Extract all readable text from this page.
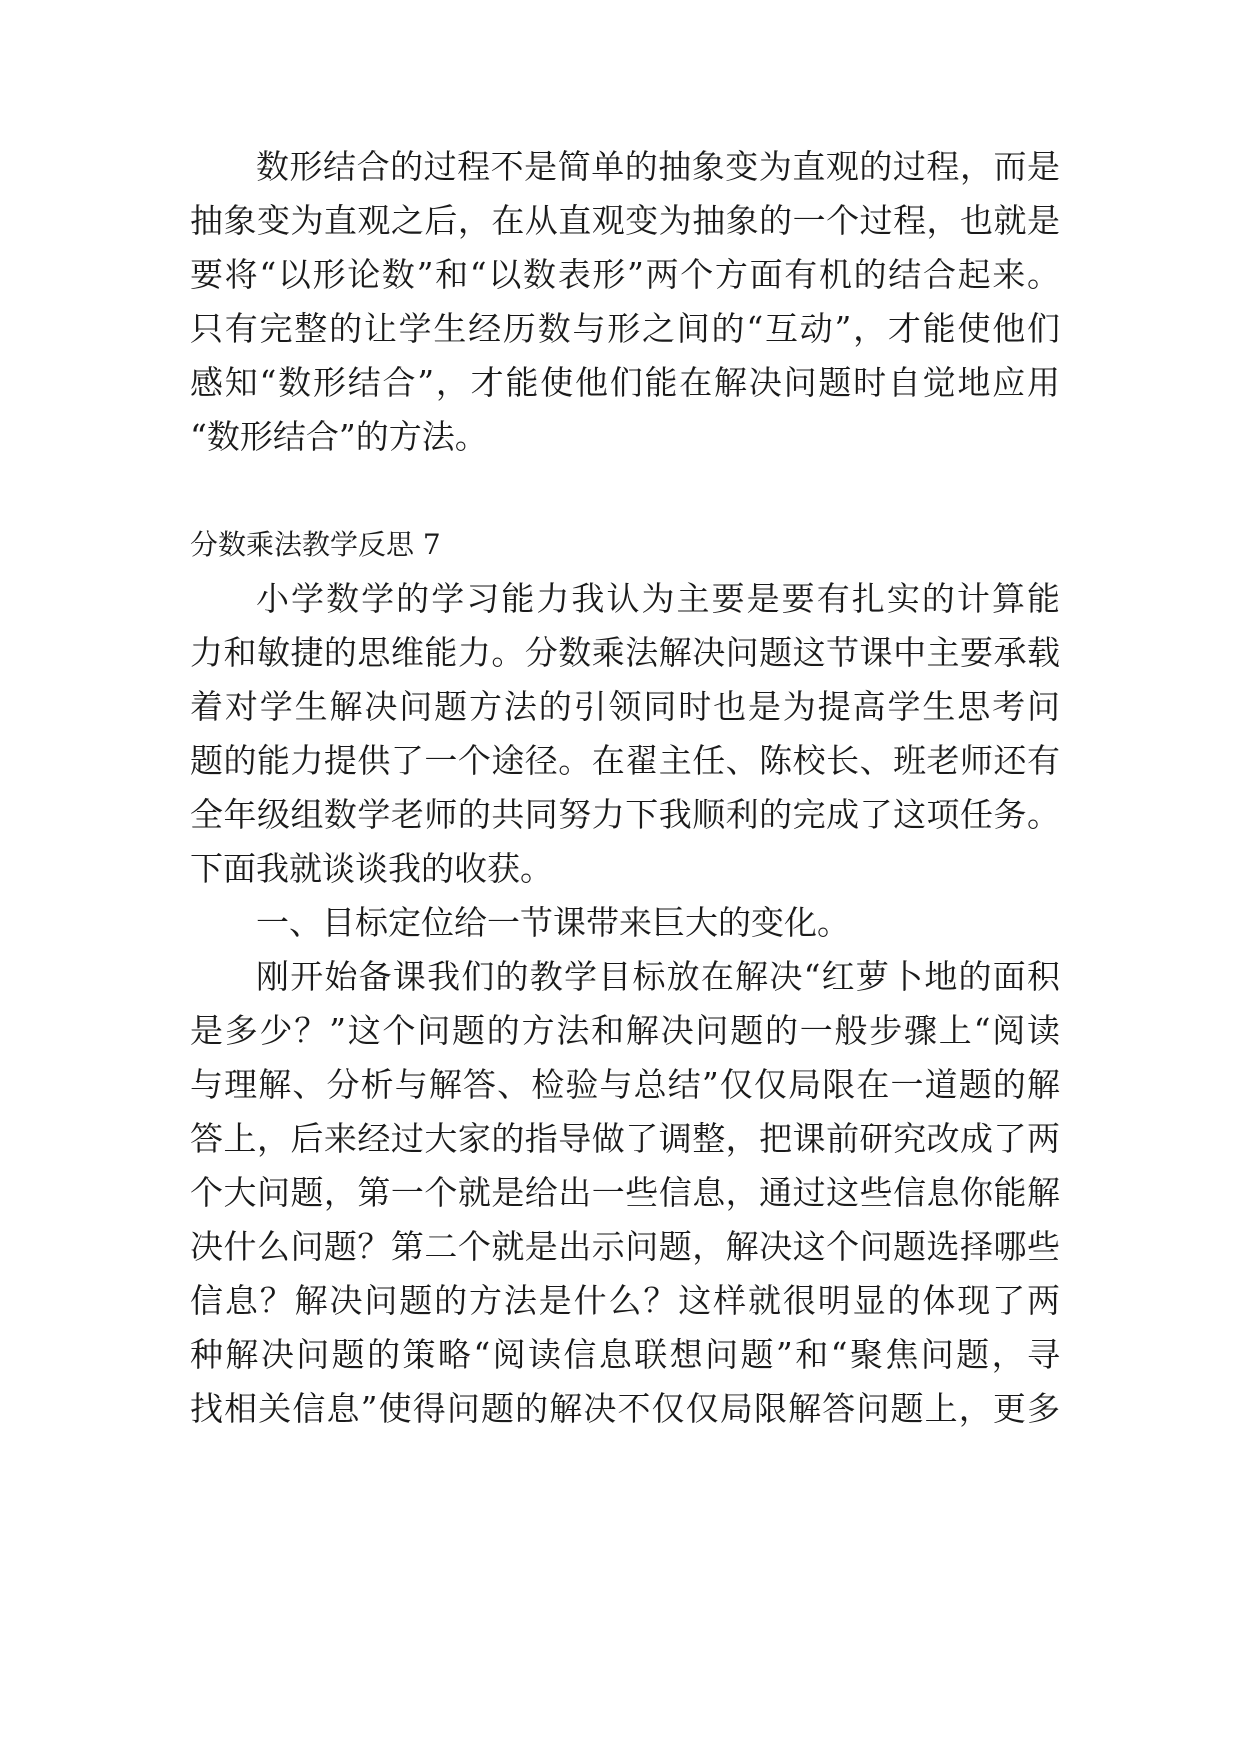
数形结合的过程不是简单的抽象变为直观的过程，而是
抽象变为直观之后，在从直观变为抽象的一个过程，也就是
要将“以形论数”和“以数表形”两个方面有机的结合起来。
只有完整的让学生经历数与形之间的“互动”，才能使他们
感知“数形结合”，才能使他们能在解决问题时自觉地应用
“数形结合”的方法。
分数乘法教学反思 7
小学数学的学习能力我认为主要是要有扎实的计算能
力和敏捷的思维能力。分数乘法解决问题这节课中主要承载
着对学生解决问题方法的引领同时也是为提高学生思考问
题的能力提供了一个途径。在翟主任、陈校长、班老师还有
全年级组数学老师的共同努力下我顺利的完成了这项任务。
下面我就谈谈我的收获。
一、目标定位给一节课带来巨大的变化。
刚开始备课我们的教学目标放在解决“红萝卜地的面积
是多少？”这个问题的方法和解决问题的一般步骤上“阅读
与理解、分析与解答、检验与总结”仅仅局限在一道题的解
答上，后来经过大家的指导做了调整，把课前研究改成了两
个大问题，第一个就是给出一些信息，通过这些信息你能解
决什么问题？第二个就是出示问题，解决这个问题选择哪些
信息？解决问题的方法是什么？这样就很明显的体现了两
种解决问题的策略“阅读信息联想问题”和“聚焦问题，寻
找相关信息”使得问题的解决不仅仅局限解答问题上，更多
